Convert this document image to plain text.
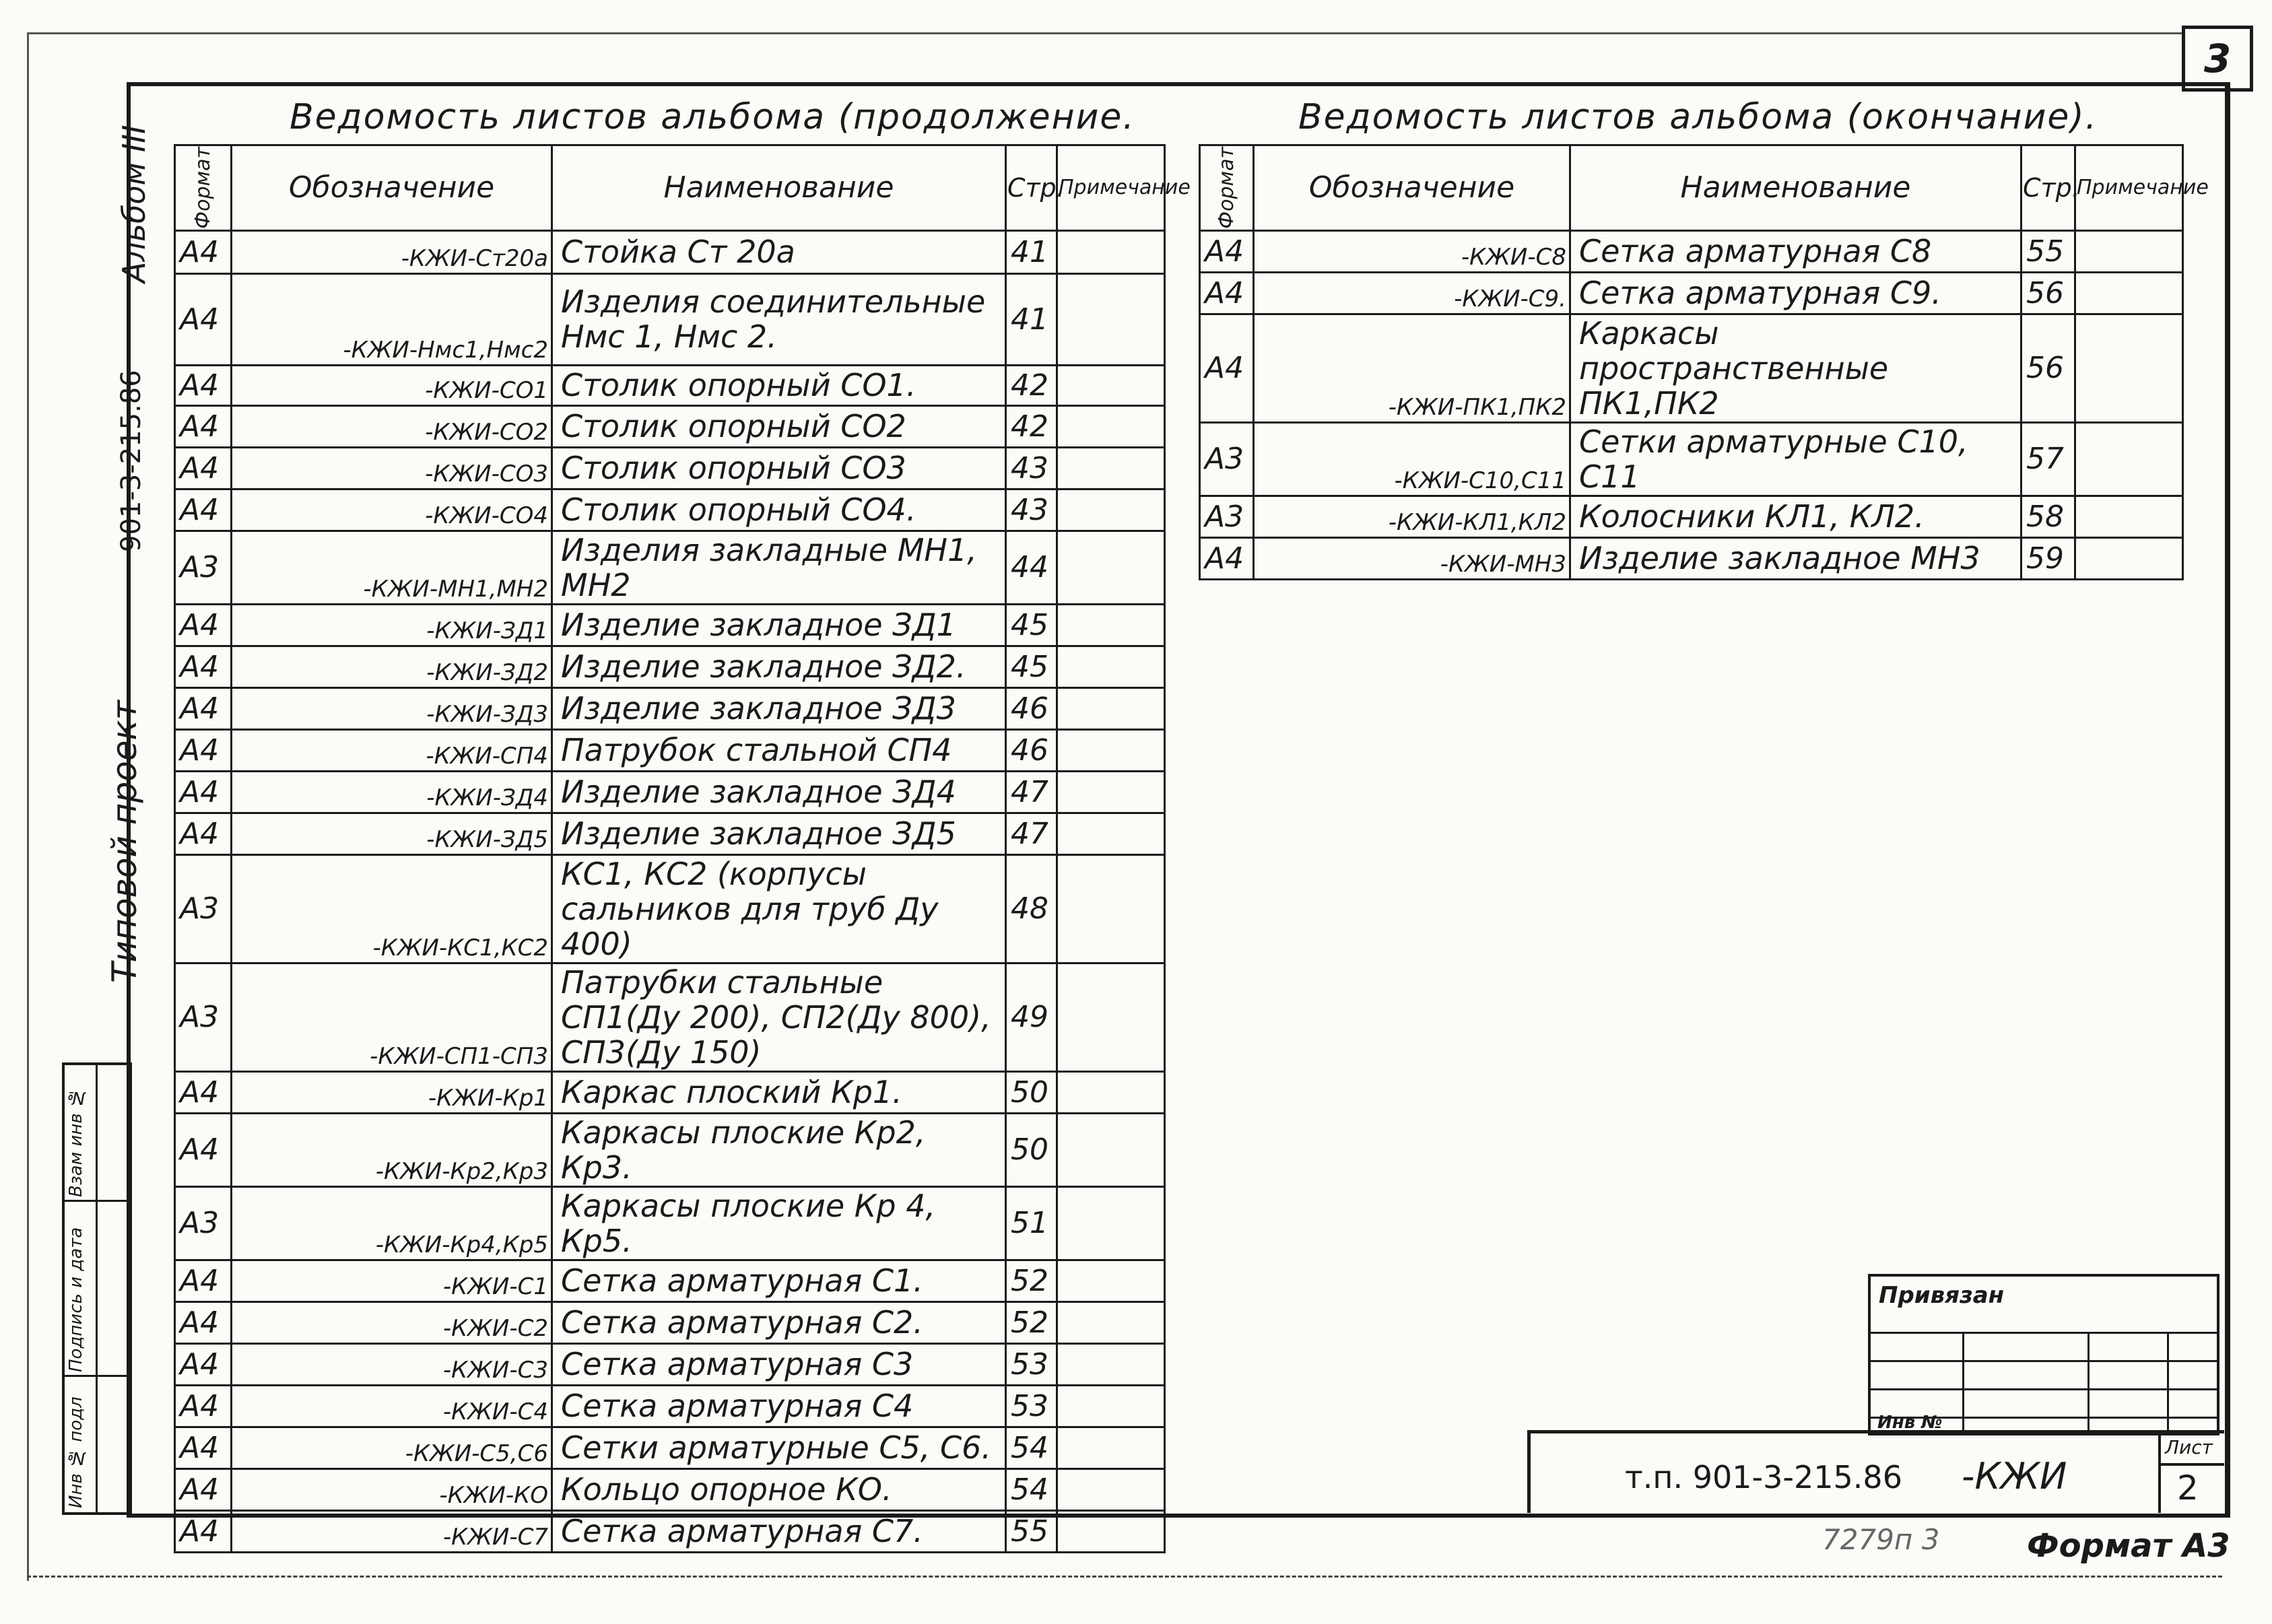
3
Альбом III
901-3-215.86
Типовой проект
Инв № подл
Подпись и дата
Взам инв №
Ведомость листов альбома (продолжение.
Формат	Обозначение	Наименование	Стр.	Примечание
А4	-КЖИ-Ст20а	Стойка Ст 20а	41	
А4	-КЖИ-Нмс1,Нмс2	Изделия соединительные Нмс 1, Нмс 2.	41	
А4	-КЖИ-СО1	Столик опорный СО1.	42	
А4	-КЖИ-СО2	Столик опорный СО2	42	
А4	-КЖИ-СО3	Столик опорный СО3	43	
А4	-КЖИ-СО4	Столик опорный СО4.	43	
А3	-КЖИ-МН1,МН2	Изделия закладные МН1, МН2	44	
А4	-КЖИ-ЗД1	Изделие закладное ЗД1	45	
А4	-КЖИ-ЗД2	Изделие закладное ЗД2.	45	
А4	-КЖИ-ЗД3	Изделие закладное ЗД3	46	
А4	-КЖИ-СП4	Патрубок стальной СП4	46	
А4	-КЖИ-ЗД4	Изделие закладное ЗД4	47	
А4	-КЖИ-ЗД5	Изделие закладное ЗД5	47	
А3	-КЖИ-КС1,КС2	КС1, КС2 (корпусы сальников для труб Ду 400)	48	
А3	-КЖИ-СП1-СП3	Патрубки стальные СП1(Ду 200), СП2(Ду 800), СП3(Ду 150)	49	
А4	-КЖИ-Кр1	Каркас плоский Кр1.	50	
А4	-КЖИ-Кр2,Кр3	Каркасы плоские Кр2, Кр3.	50	
А3	-КЖИ-Кр4,Кр5	Каркасы плоские Кр 4, Кр5.	51	
А4	-КЖИ-С1	Сетка арматурная С1.	52	
А4	-КЖИ-С2	Сетка арматурная С2.	52	
А4	-КЖИ-С3	Сетка арматурная С3	53	
А4	-КЖИ-С4	Сетка арматурная С4	53	
А4	-КЖИ-С5,С6	Сетки арматурные С5, С6.	54	
А4	-КЖИ-КО	Кольцо опорное КО.	54	
А4	-КЖИ-С7	Сетка арматурная С7.	55	
Ведомость листов альбома (окончание).
Формат	Обозначение	Наименование	Стр.	Примечание
А4	-КЖИ-С8	Сетка арматурная С8	55	
А4	-КЖИ-С9.	Сетка арматурная С9.	56	
А4	-КЖИ-ПК1,ПК2	Каркасы пространственные ПК1,ПК2	56	
А3	-КЖИ-С10,С11	Сетки арматурные С10, С11	57	
А3	-КЖИ-КЛ1,КЛ2	Колосники КЛ1, КЛ2.	58	
А4	-КЖИ-МН3	Изделие закладное МН3	59	
Привязан
Инв №
т.п. 901-3-215.86 -КЖИ
Лист
2
7279п 3	Формат А3
